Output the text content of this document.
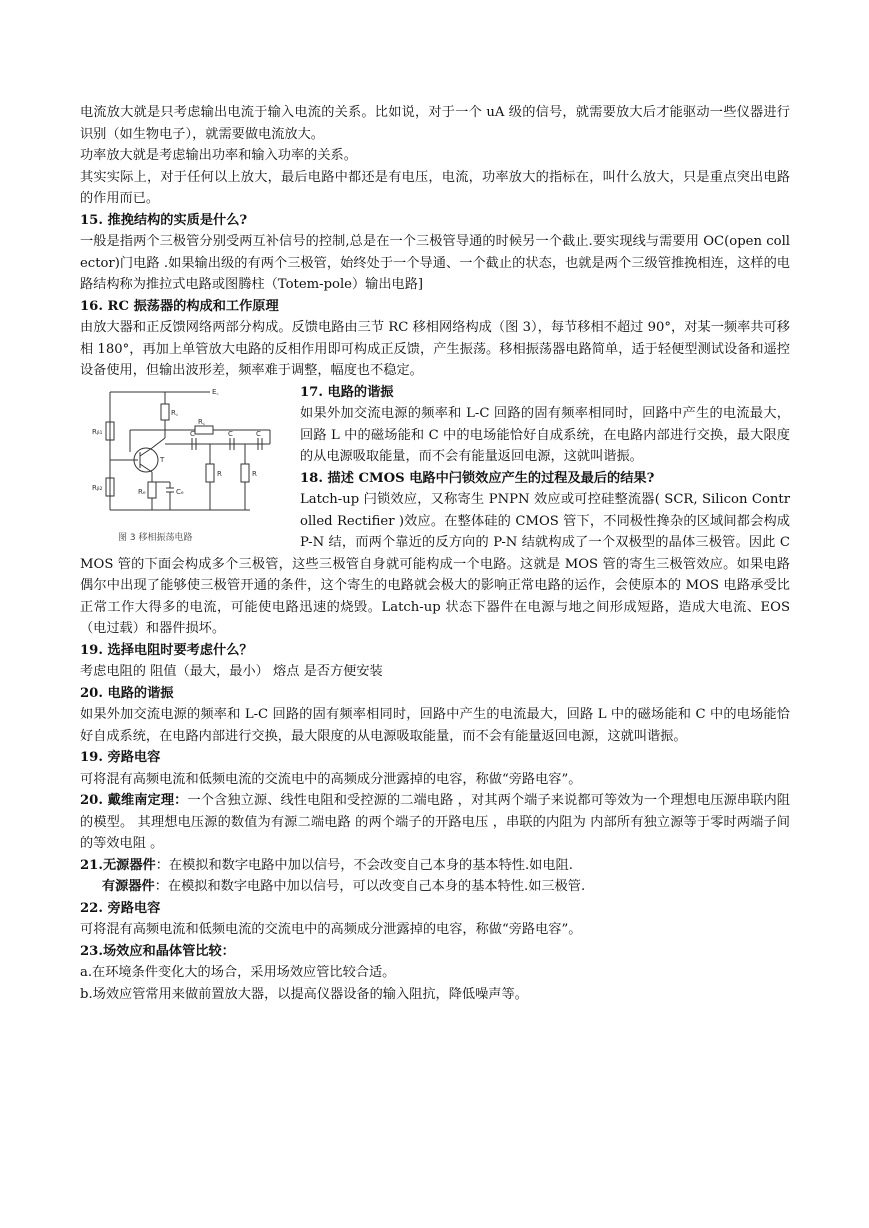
电流放大就是只考虑输出电流于输入电流的关系。比如说，对于一个 uA 级的信号，就需要放大后才能驱动一些仪器进行识别（如生物电子），就需要做电流放大。

功率放大就是考虑输出功率和输入功率的关系。

其实实际上，对于任何以上放大，最后电路中都还是有电压，电流，功率放大的指标在，叫什么放大，只是重点突出电路的作用而已。

15. 推挽结构的实质是什么?

一般是指两个三极管分别受两互补信号的控制,总是在一个三极管导通的时候另一个截止.要实现线与需要用 OC(open collector)门电路 .如果输出级的有两个三极管，始终处于一个导通、一个截止的状态，也就是两个三级管推挽相连，这样的电路结构称为推拉式电路或图腾柱（Totem-pole）输出电路]

16. RC 振荡器的构成和工作原理

由放大器和正反馈网络两部分构成。反馈电路由三节 RC 移相网络构成（图 3），每节移相不超过 90°，对某一频率共可移相 180°，再加上单管放大电路的反相作用即可构成正反馈，产生振荡。移相振荡器电路简单，适于轻便型测试设备和遥控设备使用，但输出波形差，频率难于调整，幅度也不稳定。

E꜀
R꜀
R꜀
C	C	C
Rᵦ₁
Rᵦ₂
T
Rₑ	Cₑ
R	R
图 3 移相振荡电路

17. 电路的谐振

如果外加交流电源的频率和 L-C 回路的固有频率相同时，回路中产生的电流最大，回路 L 中的磁场能和 C 中的电场能恰好自成系统，在电路内部进行交换，最大限度的从电源吸取能量，而不会有能量返回电源，这就叫谐振。

18. 描述 CMOS 电路中闩锁效应产生的过程及最后的结果?

Latch-up 闩锁效应，又称寄生 PNPN 效应或可控硅整流器( SCR, Silicon Controlled Rectifier )效应。在整体硅的 CMOS 管下，不同极性搀杂的区域间都会构成 P-N 结，而两个靠近的反方向的 P-N 结就构成了一个双极型的晶体三极管。因此 CMOS 管的下面会构成多个三极管，这些三极管自身就可能构成一个电路。这就是 MOS 管的寄生三极管效应。如果电路偶尔中出现了能够使三极管开通的条件，这个寄生的电路就会极大的影响正常电路的运作，会使原本的 MOS 电路承受比正常工作大得多的电流，可能使电路迅速的烧毁。Latch-up 状态下器件在电源与地之间形成短路，造成大电流、EOS（电过载）和器件损坏。

19. 选择电阻时要考虑什么？

考虑电阻的 阻值（最大，最小） 熔点 是否方便安装

20. 电路的谐振

如果外加交流电源的频率和 L-C 回路的固有频率相同时，回路中产生的电流最大，回路 L 中的磁场能和 C 中的电场能恰好自成系统，在电路内部进行交换，最大限度的从电源吸取能量，而不会有能量返回电源，这就叫谐振。

19. 旁路电容

可将混有高频电流和低频电流的交流电中的高频成分泄露掉的电容，称做“旁路电容”。

20. 戴维南定理：一个含独立源、线性电阻和受控源的二端电路 ，对其两个端子来说都可等效为一个理想电压源串联内阻的模型。 其理想电压源的数值为有源二端电路 的两个端子的开路电压 ，串联的内阻为 内部所有独立源等于零时两端子间的等效电阻 。

21.无源器件：在模拟和数字电路中加以信号，不会改变自己本身的基本特性.如电阻.

有源器件：在模拟和数字电路中加以信号，可以改变自己本身的基本特性.如三极管.

22. 旁路电容

可将混有高频电流和低频电流的交流电中的高频成分泄露掉的电容，称做“旁路电容”。

23.场效应和晶体管比较：

a.在环境条件变化大的场合，采用场效应管比较合适。

b.场效应管常用来做前置放大器，以提高仪器设备的输入阻抗，降低噪声等。
